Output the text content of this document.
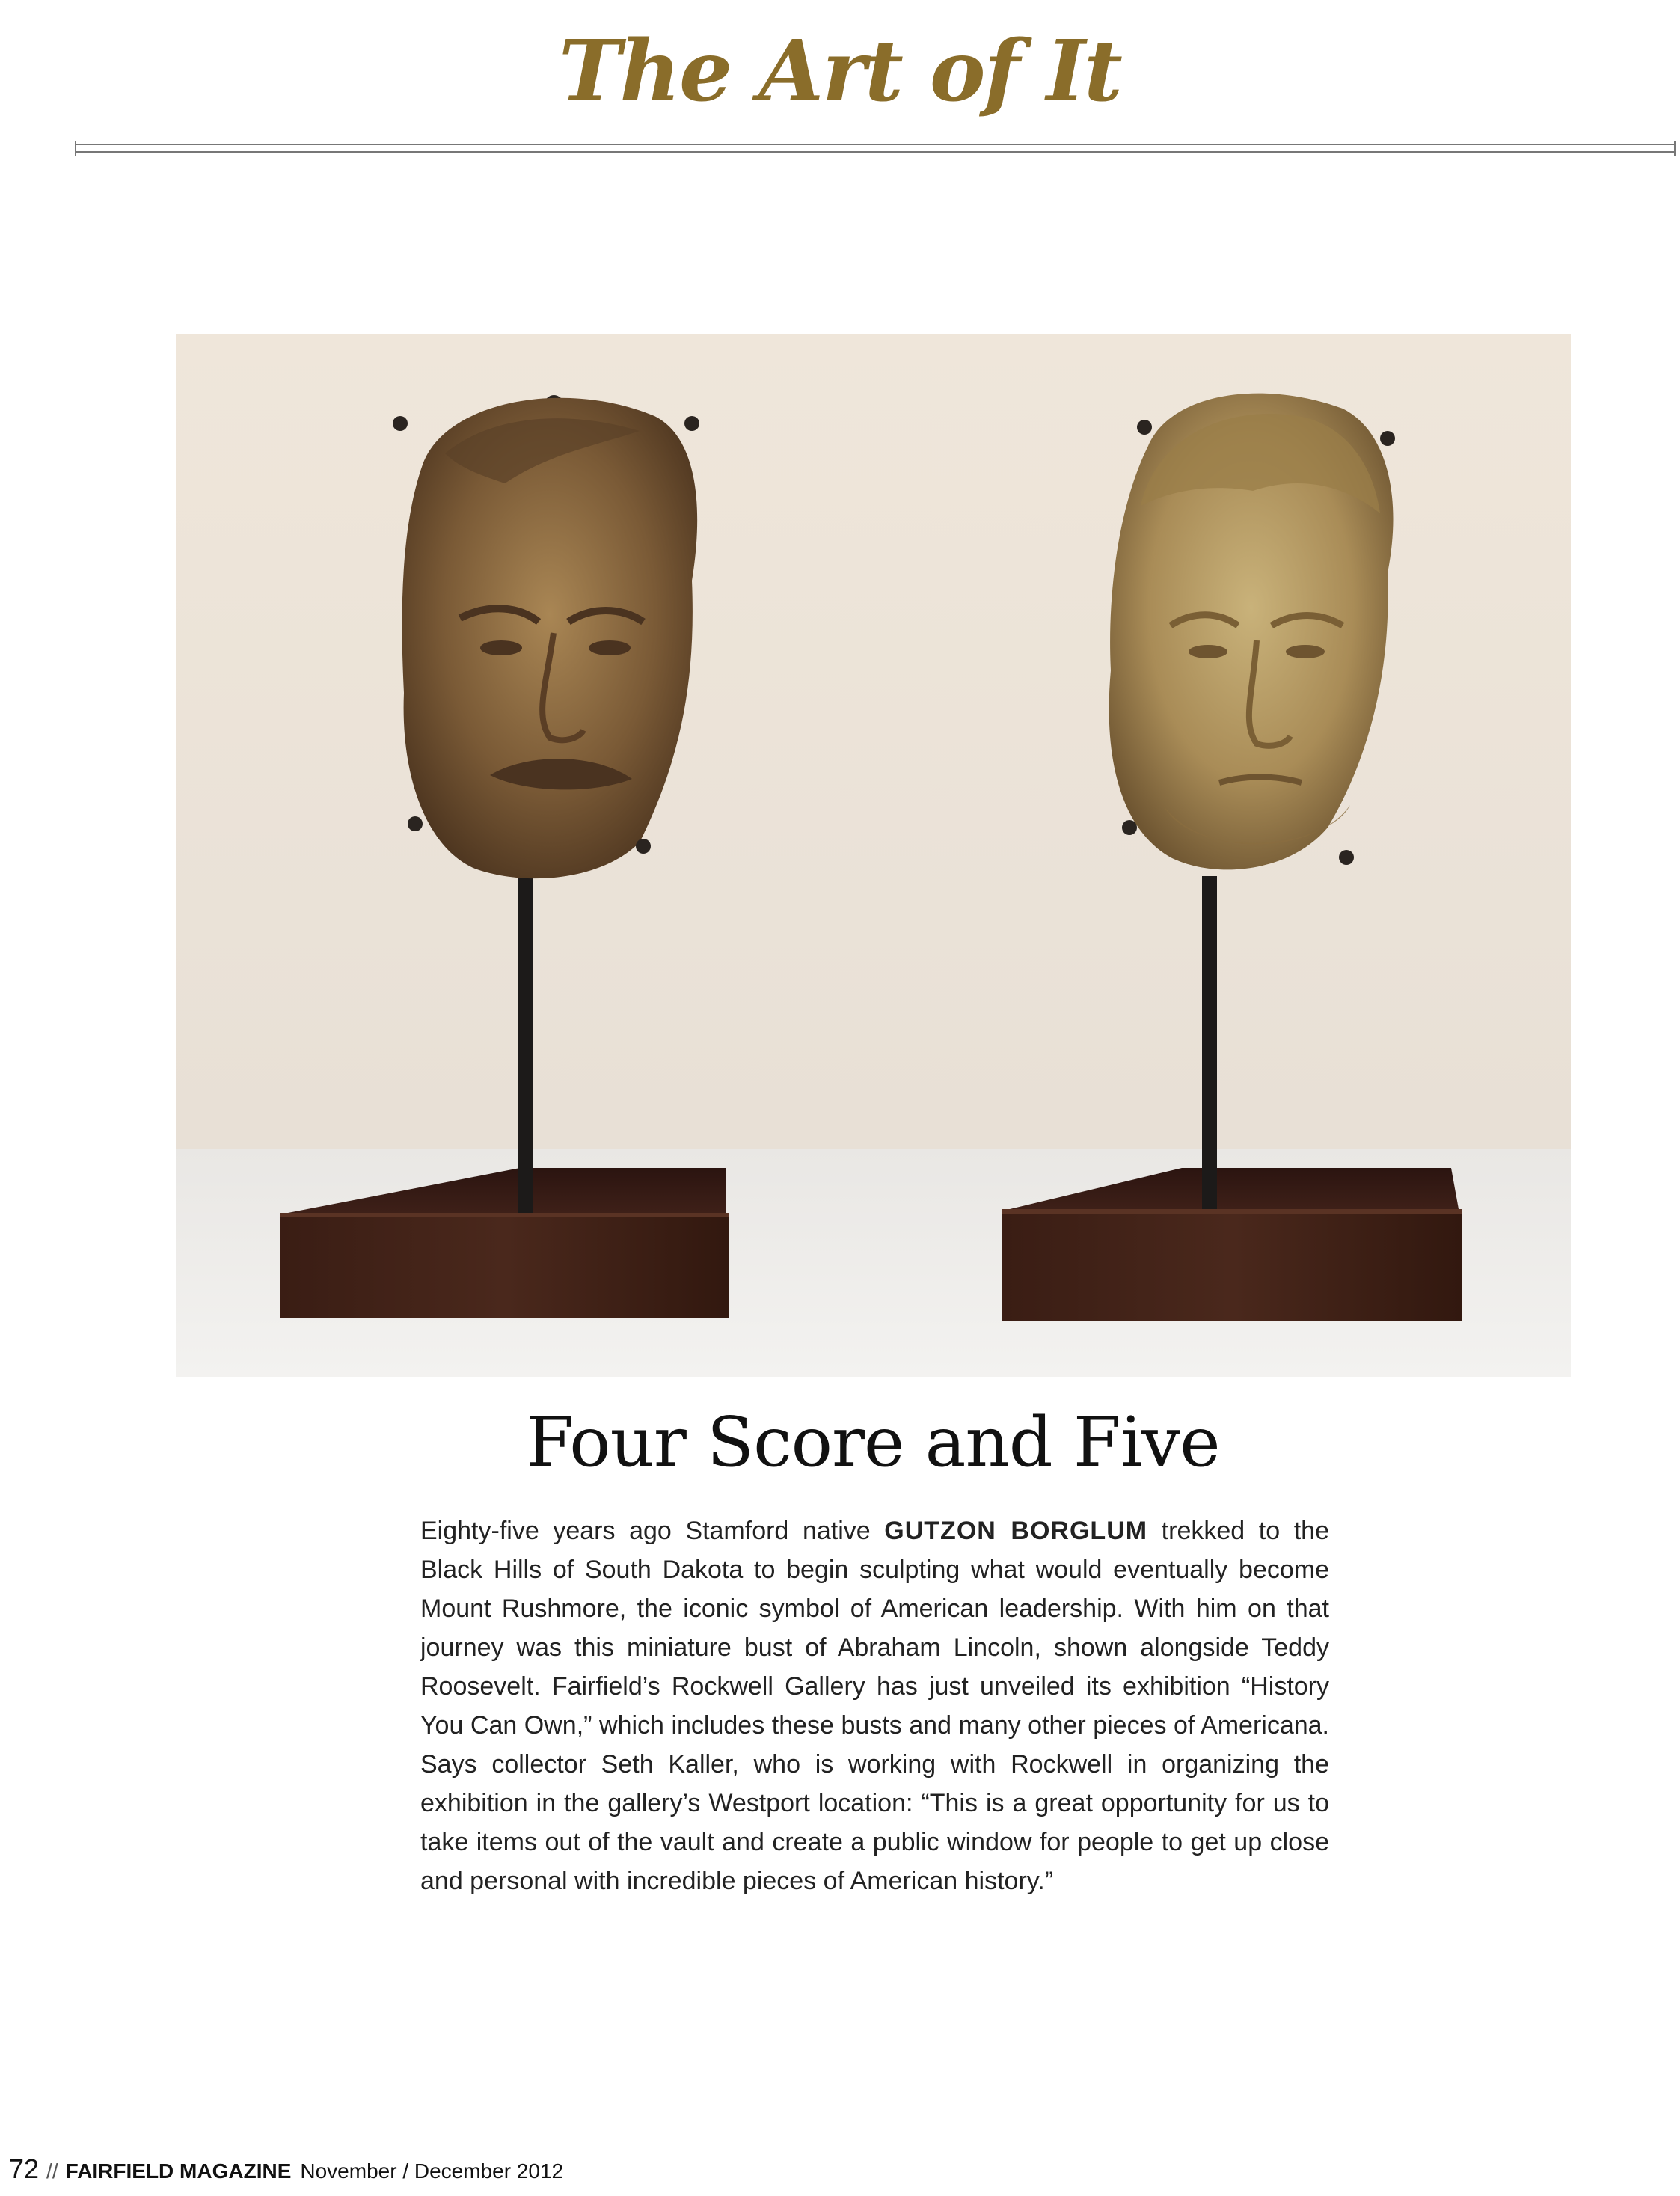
The Art of It
Four Score and Five

Eighty-five years ago Stamford native GUTZON BORGLUM trekked to the Black Hills of South Dakota to begin sculpting what would eventually become Mount Rushmore, the iconic symbol of American leadership. With him on that journey was this miniature bust of Abraham Lincoln, shown alongside Teddy Roosevelt. Fairfield’s Rockwell Gallery has just unveiled its exhibition “History You Can Own,” which includes these busts and many other pieces of Americana. Says collector Seth Kaller, who is working with Rockwell in organizing the exhibition in the gallery’s Westport location: “This is a great opportunity for us to take items out of the vault and create a public window for people to get up close and personal with incredible pieces of American history.”

72 // FAIRFIELD MAGAZINE November / December 2012
